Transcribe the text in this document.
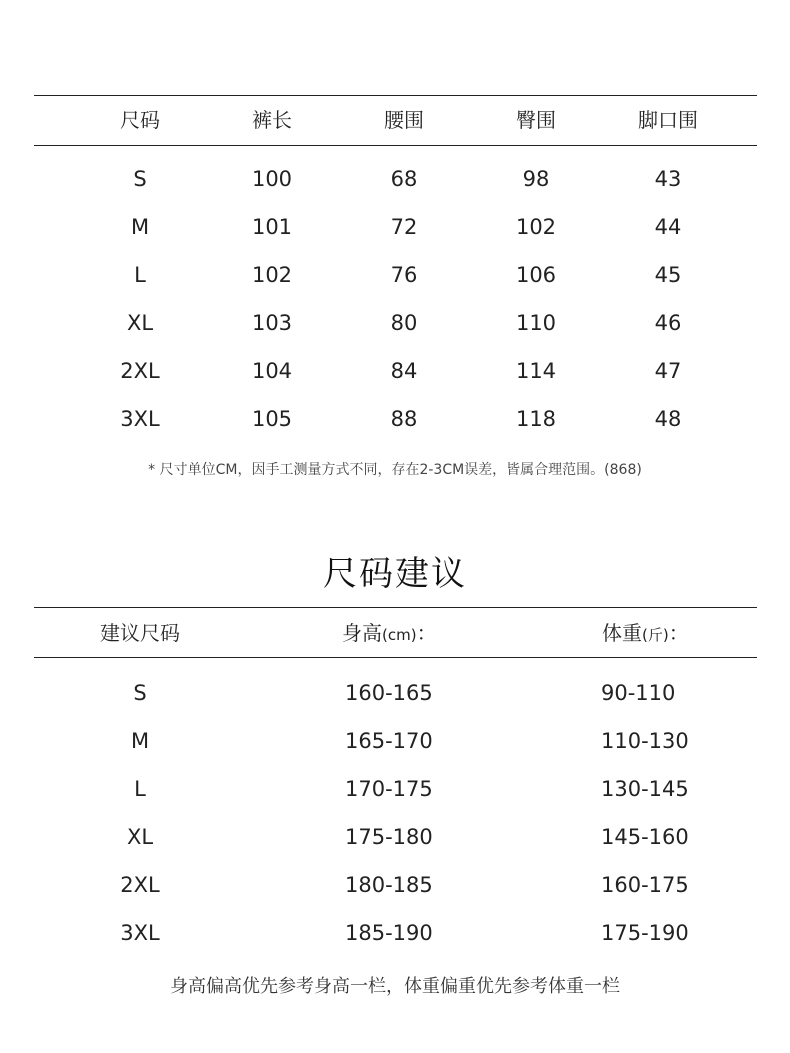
尺码	裤长	腰围	臀围	脚口围
S	100	68	98	43
M	101	72	102	44
L	102	76	106	45
XL	103	80	110	46
2XL	104	84	114	47
3XL	105	88	118	48
* 尺寸单位CM，因手工测量方式不同，存在2-3CM误差，皆属合理范围。(868)
尺码建议
建议尺码	身高(cm)：	体重(斤)：
S	160-165	90-110
M	165-170	110-130
L	170-175	130-145
XL	175-180	145-160
2XL	180-185	160-175
3XL	185-190	175-190
身高偏高优先参考身高一栏，体重偏重优先参考体重一栏
